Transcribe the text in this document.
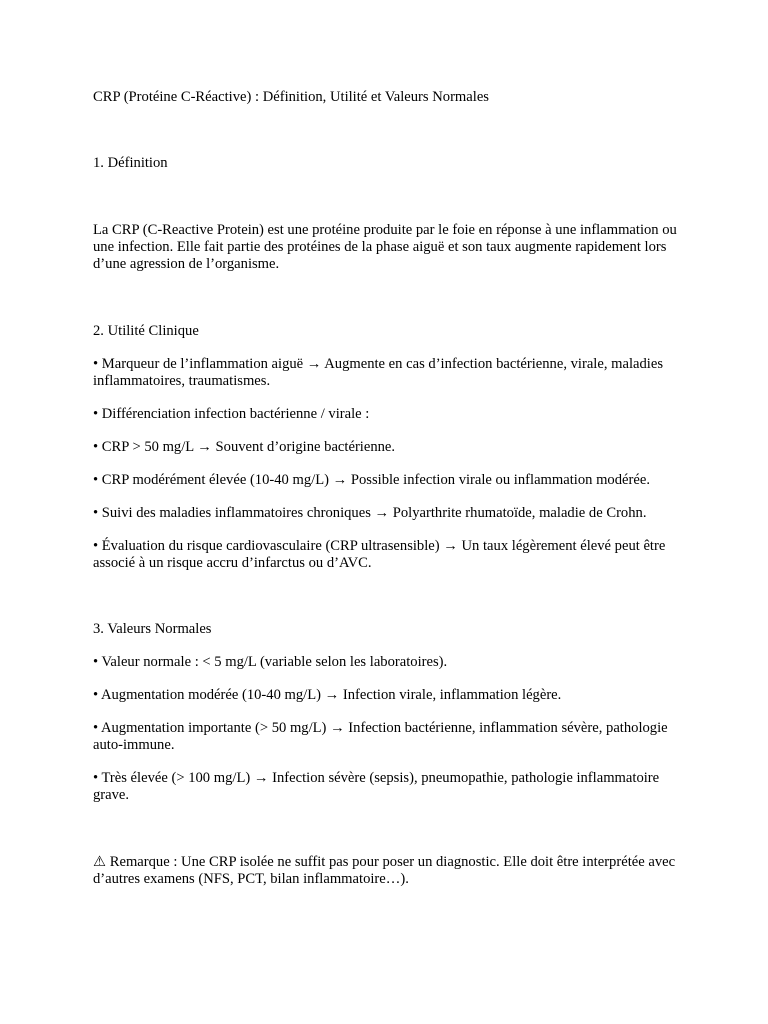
CRP (Protéine C-Réactive) : Définition, Utilité et Valeurs Normales

1. Définition

La CRP (C-Reactive Protein) est une protéine produite par le foie en réponse à une inflammation ou une infection. Elle fait partie des protéines de la phase aiguë et son taux augmente rapidement lors d’une agression de l’organisme.

2. Utilité Clinique

• Marqueur de l’inflammation aiguë → Augmente en cas d’infection bactérienne, virale, maladies inflammatoires, traumatismes.

• Différenciation infection bactérienne / virale :

• CRP > 50 mg/L → Souvent d’origine bactérienne.

• CRP modérément élevée (10-40 mg/L) → Possible infection virale ou inflammation modérée.

• Suivi des maladies inflammatoires chroniques → Polyarthrite rhumatoïde, maladie de Crohn.

• Évaluation du risque cardiovasculaire (CRP ultrasensible) → Un taux légèrement élevé peut être associé à un risque accru d’infarctus ou d’AVC.

3. Valeurs Normales

• Valeur normale : < 5 mg/L (variable selon les laboratoires).

• Augmentation modérée (10-40 mg/L) → Infection virale, inflammation légère.

• Augmentation importante (> 50 mg/L) → Infection bactérienne, inflammation sévère, pathologie auto-immune.

• Très élevée (> 100 mg/L) → Infection sévère (sepsis), pneumopathie, pathologie inflammatoire grave.

⚠ Remarque : Une CRP isolée ne suffit pas pour poser un diagnostic. Elle doit être interprétée avec d’autres examens (NFS, PCT, bilan inflammatoire…).
